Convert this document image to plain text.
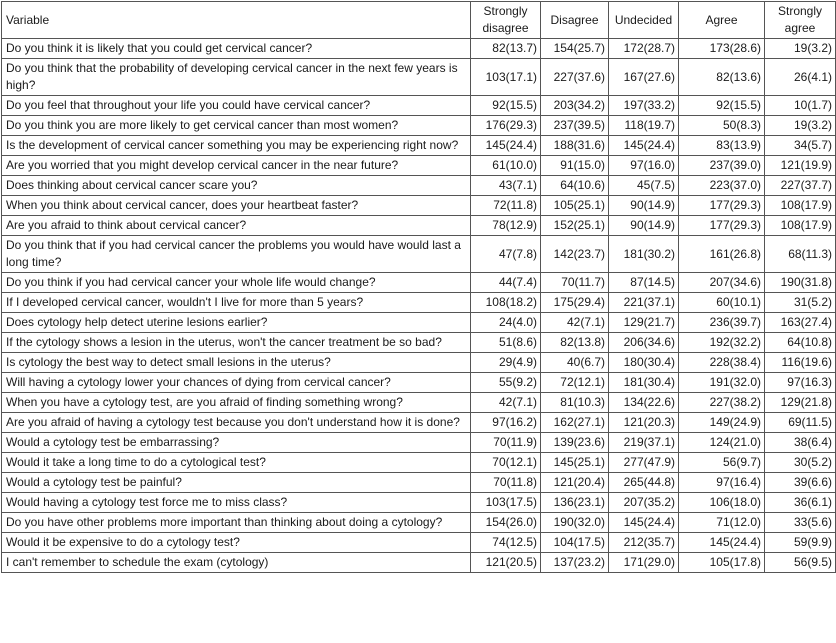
Variable	Strongly disagree	Disagree	Undecided	Agree	Strongly agree
Do you think it is likely that you could get cervical cancer?	82(13.7)	154(25.7)	172(28.7)	173(28.6)	19(3.2)
Do you think that the probability of developing cervical cancer in the next few years is high?	103(17.1)	227(37.6)	167(27.6)	82(13.6)	26(4.1)
Do you feel that throughout your life you could have cervical cancer?	92(15.5)	203(34.2)	197(33.2)	92(15.5)	10(1.7)
Do you think you are more likely to get cervical cancer than most women?	176(29.3)	237(39.5)	118(19.7)	50(8.3)	19(3.2)
Is the development of cervical cancer something you may be experiencing right now?	145(24.4)	188(31.6)	145(24.4)	83(13.9)	34(5.7)
Are you worried that you might develop cervical cancer in the near future?	61(10.0)	91(15.0)	97(16.0)	237(39.0)	121(19.9)
Does thinking about cervical cancer scare you?	43(7.1)	64(10.6)	45(7.5)	223(37.0)	227(37.7)
When you think about cervical cancer, does your heartbeat faster?	72(11.8)	105(25.1)	90(14.9)	177(29.3)	108(17.9)
Are you afraid to think about cervical cancer?	78(12.9)	152(25.1)	90(14.9)	177(29.3)	108(17.9)
Do you think that if you had cervical cancer the problems you would have would last a long time?	47(7.8)	142(23.7)	181(30.2)	161(26.8)	68(11.3)
Do you think if you had cervical cancer your whole life would change?	44(7.4)	70(11.7)	87(14.5)	207(34.6)	190(31.8)
If I developed cervical cancer, wouldn't I live for more than 5 years?	108(18.2)	175(29.4)	221(37.1)	60(10.1)	31(5.2)
Does cytology help detect uterine lesions earlier?	24(4.0)	42(7.1)	129(21.7)	236(39.7)	163(27.4)
If the cytology shows a lesion in the uterus, won't the cancer treatment be so bad?	51(8.6)	82(13.8)	206(34.6)	192(32.2)	64(10.8)
Is cytology the best way to detect small lesions in the uterus?	29(4.9)	40(6.7)	180(30.4)	228(38.4)	116(19.6)
Will having a cytology lower your chances of dying from cervical cancer?	55(9.2)	72(12.1)	181(30.4)	191(32.0)	97(16.3)
When you have a cytology test, are you afraid of finding something wrong?	42(7.1)	81(10.3)	134(22.6)	227(38.2)	129(21.8)
Are you afraid of having a cytology test because you don't understand how it is done?	97(16.2)	162(27.1)	121(20.3)	149(24.9)	69(11.5)
Would a cytology test be embarrassing?	70(11.9)	139(23.6)	219(37.1)	124(21.0)	38(6.4)
Would it take a long time to do a cytological test?	70(12.1)	145(25.1)	277(47.9)	56(9.7)	30(5.2)
Would a cytology test be painful?	70(11.8)	121(20.4)	265(44.8)	97(16.4)	39(6.6)
Would having a cytology test force me to miss class?	103(17.5)	136(23.1)	207(35.2)	106(18.0)	36(6.1)
Do you have other problems more important than thinking about doing a cytology?	154(26.0)	190(32.0)	145(24.4)	71(12.0)	33(5.6)
Would it be expensive to do a cytology test?	74(12.5)	104(17.5)	212(35.7)	145(24.4)	59(9.9)
I can't remember to schedule the exam (cytology)	121(20.5)	137(23.2)	171(29.0)	105(17.8)	56(9.5)
